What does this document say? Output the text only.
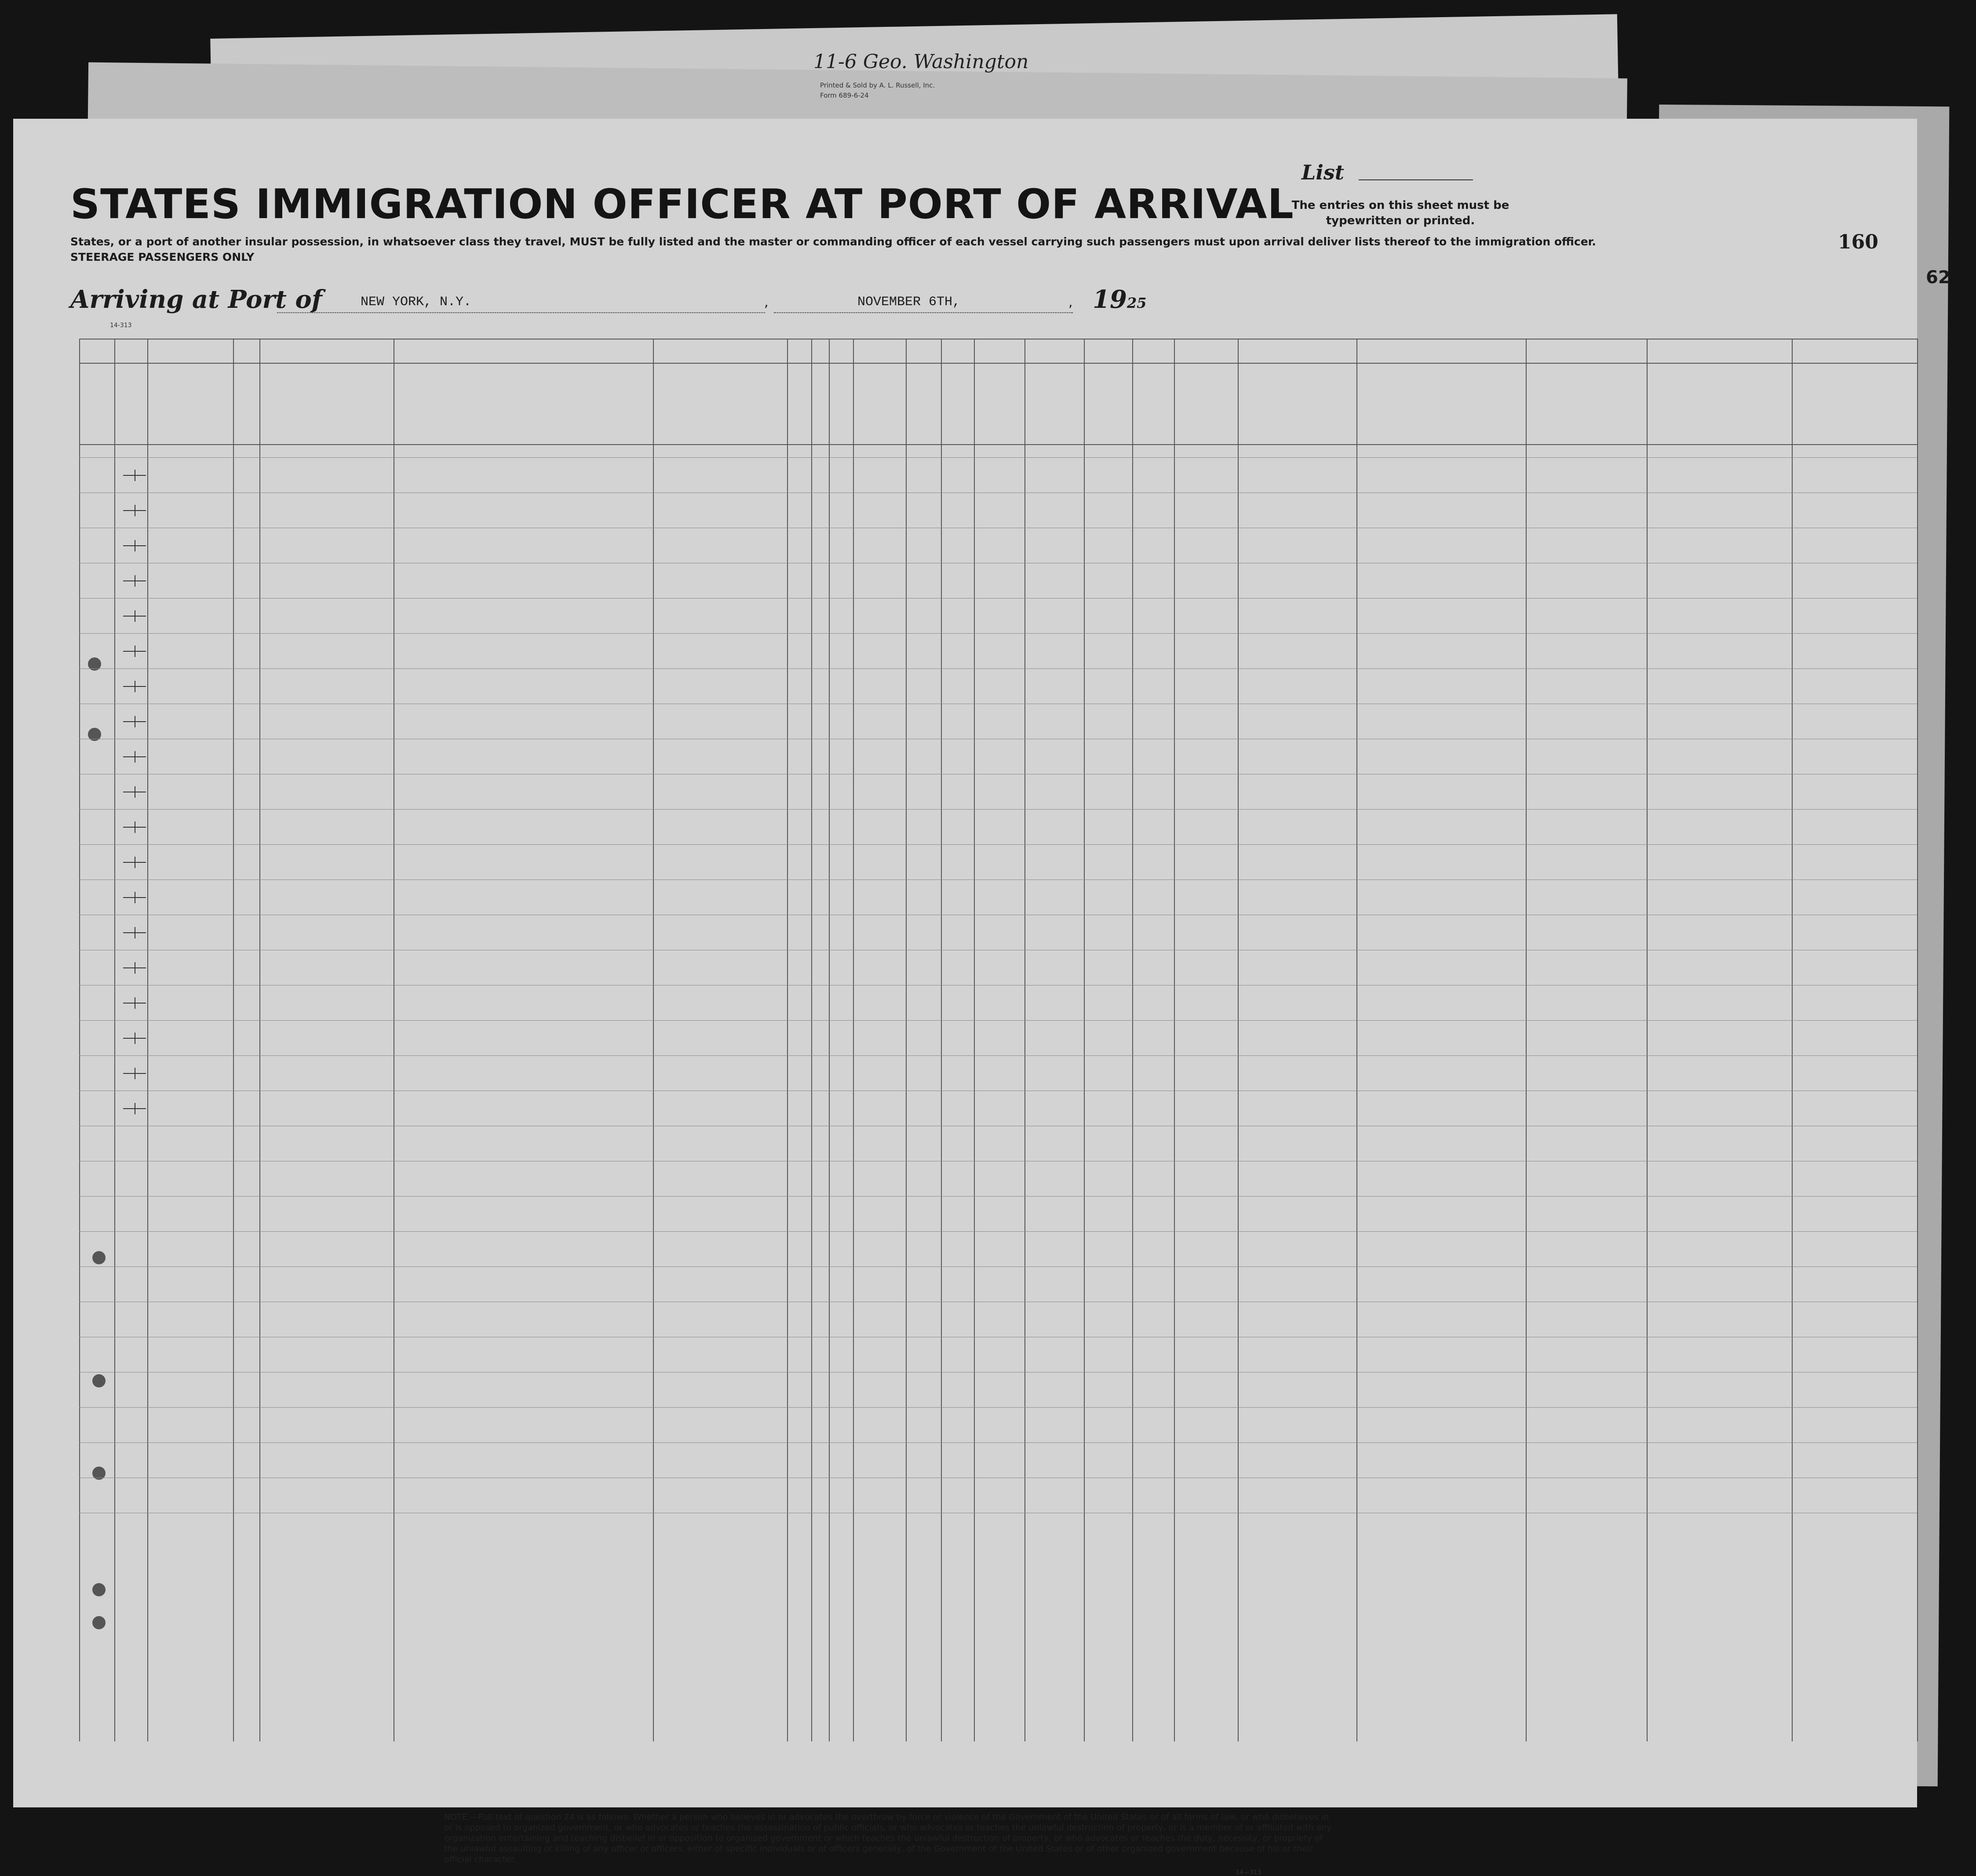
11-6 Geo. Washington
Printed & Sold by A. L. Russell, Inc.
Form 689-6-24
STATES IMMIGRATION OFFICER AT PORT OF ARRIVAL
List
The entries on this sheet must be typewritten or printed.
160
62
States, or a port of another insular possession, in whatsoever class they travel, MUST be fully listed and the master or commanding officer of each vessel carrying such passengers must upon arrival deliver lists thereof to the immigration officer.
STEERAGE PASSENGERS ONLY
Arriving at Port of	NEW YORK, N.Y.	,	NOVEMBER 6TH,	, 1925
14-313
NOTE.—Full text of question 24 is as follows: Whether a person who believes in or advocates the overthrow by force or violence of the Government of the United States or of all forms of law, or who disbelieves in or is opposed to organized government, or who advocates or teaches the assassination of public officials, or who advocates or teaches the unlawful destruction of property, or is a member of or affiliated with any organization entertaining and teaching disbelief in or opposition to organized government or which teaches the unlawful destruction of property, or who advocates or teaches the duty, necessity, or propriety of the unlawful assaulting or killing of any officer or officers, either of specific individuals or of officers generally, of the Government of the United States or of other organized government because of his or their official character.
14—313
